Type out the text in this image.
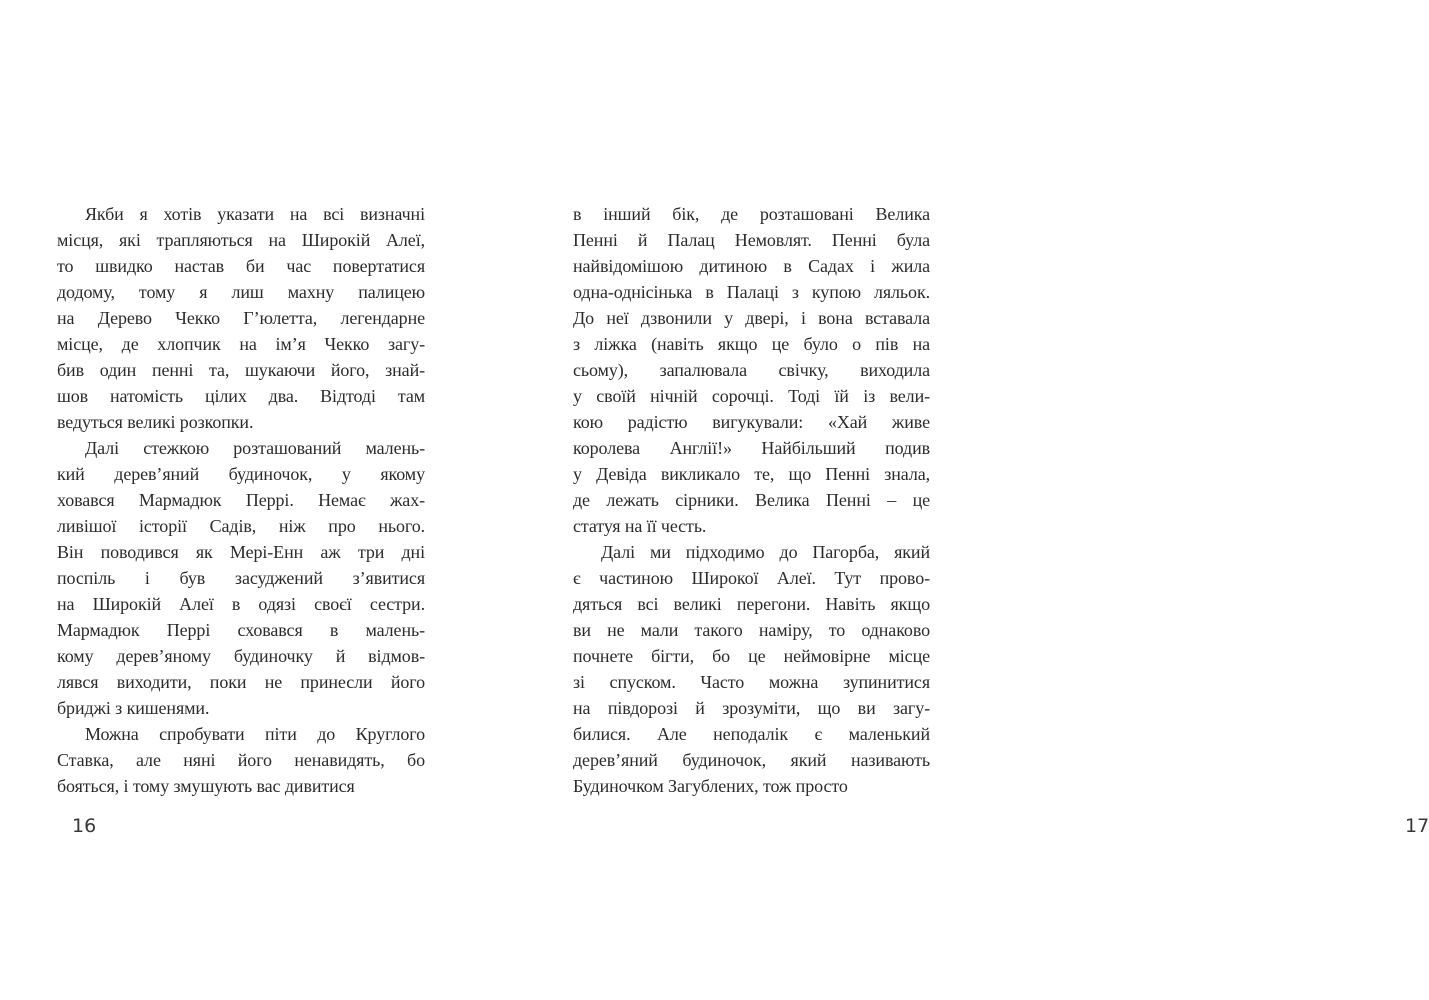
Якби я хотів указати на всі визначні
місця, які трапляються на Широкій Алеї,
то швидко настав би час повертатися
додому, тому я лиш махну палицею
на Дерево Чекко Г’юлетта, легендарне
місце, де хлопчик на ім’я Чекко загу-
бив один пенні та, шукаючи його, знай-
шов натомість цілих два. Відтоді там
ведуться великі розкопки.
Далі стежкою розташований малень-
кий дерев’яний будиночок, у якому
ховався Мармадюк Перрі. Немає жах-
ливішої історії Садів, ніж про нього.
Він поводився як Мері-Енн аж три дні
поспіль і був засуджений з’явитися
на Широкій Алеї в одязі своєї сестри.
Мармадюк Перрі сховався в малень-
кому дерев’яному будиночку й відмов-
лявся виходити, поки не принесли його
бриджі з кишенями.
Можна спробувати піти до Круглого
Ставка, але няні його ненавидять, бо
бояться, і тому змушують вас дивитися
16
в інший бік, де розташовані Велика
Пенні й Палац Немовлят. Пенні була
найвідомішою дитиною в Садах і жила
одна-однісінька в Палаці з купою ляльок.
До неї дзвонили у двері, і вона вставала
з ліжка (навіть якщо це було о пів на
сьому), запалювала свічку, виходила
у своїй нічній сорочці. Тоді їй із вели-
кою радістю вигукували: «Хай живе
королева Англії!» Найбільший подив
у Девіда викликало те, що Пенні знала,
де лежать сірники. Велика Пенні – це
статуя на її честь.
Далі ми підходимо до Пагорба, який
є частиною Широкої Алеї. Тут прово-
дяться всі великі перегони. Навіть якщо
ви не мали такого наміру, то однаково
почнете бігти, бо це неймовірне місце
зі спуском. Часто можна зупинитися
на півдорозі й зрозуміти, що ви загу-
билися. Але неподалік є маленький
дерев’яний будиночок, який називають
Будиночком Загублених, тож просто
17
